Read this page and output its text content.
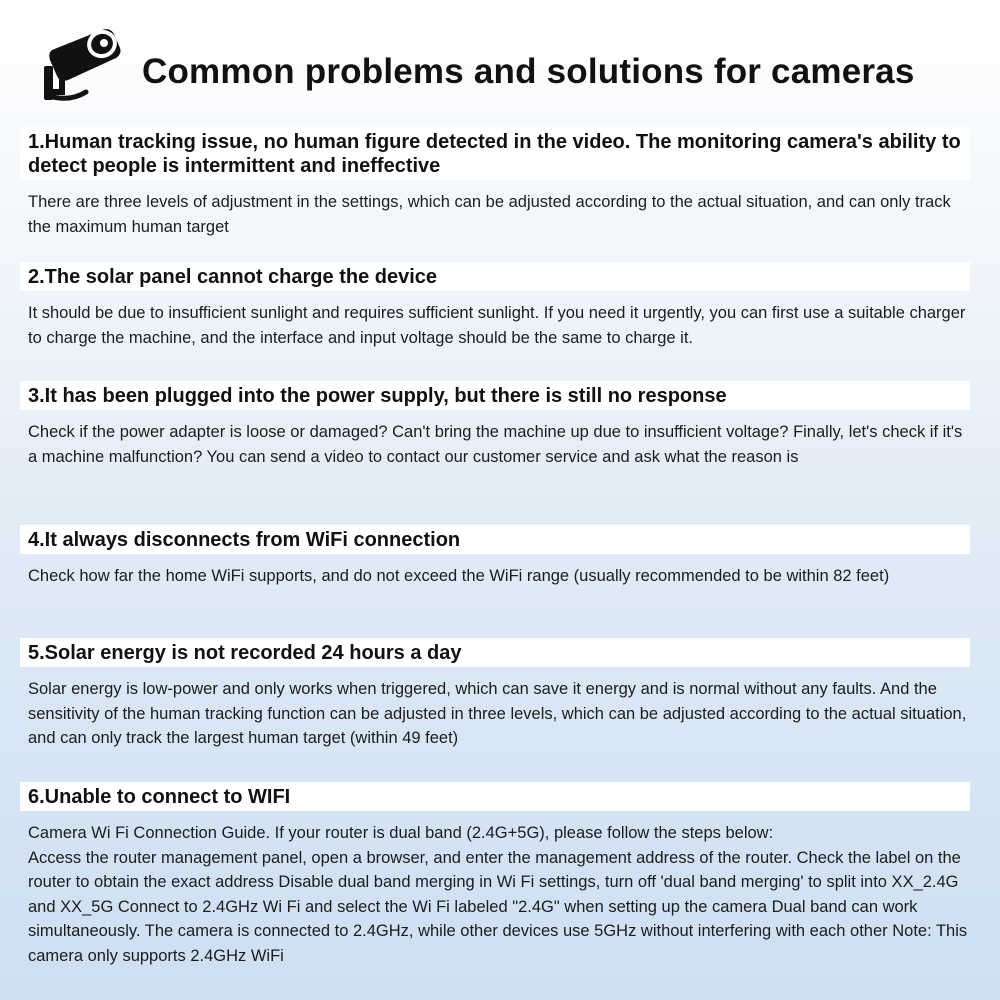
Common problems and solutions for cameras
1.Human tracking issue, no human figure detected in the video. The monitoring camera's ability to detect people is intermittent and ineffective

There are three levels of adjustment in the settings, which can be adjusted according to the actual situation, and can only track the maximum human target

2.The solar panel cannot charge the device

It should be due to insufficient sunlight and requires sufficient sunlight. If you need it urgently, you can first use a suitable charger to charge the machine, and the interface and input voltage should be the same to charge it.

3.It has been plugged into the power supply, but there is still no response

Check if the power adapter is loose or damaged? Can't bring the machine up due to insufficient voltage? Finally, let's check if it's a machine malfunction? You can send a video to contact our customer service and ask what the reason is

4.It always disconnects from WiFi connection

Check how far the home WiFi supports, and do not exceed the WiFi range (usually recommended to be within 82 feet)

5.Solar energy is not recorded 24 hours a day

Solar energy is low-power and only works when triggered, which can save it energy and is normal without any faults. And the sensitivity of the human tracking function can be adjusted in three levels, which can be adjusted according to the actual situation, and can only track the largest human target (within 49 feet)

6.Unable to connect to WIFI

Camera Wi Fi Connection Guide. If your router is dual band (2.4G+5G), please follow the steps below:

Access the router management panel, open a browser, and enter the management address of the router. Check the label on the router to obtain the exact address Disable dual band merging in Wi Fi settings, turn off 'dual band merging' to split into XX_2.4G and XX_5G Connect to 2.4GHz Wi Fi and select the Wi Fi labeled "2.4G" when setting up the camera Dual band can work simultaneously. The camera is connected to 2.4GHz, while other devices use 5GHz without interfering with each other Note: This camera only supports 2.4GHz WiFi
